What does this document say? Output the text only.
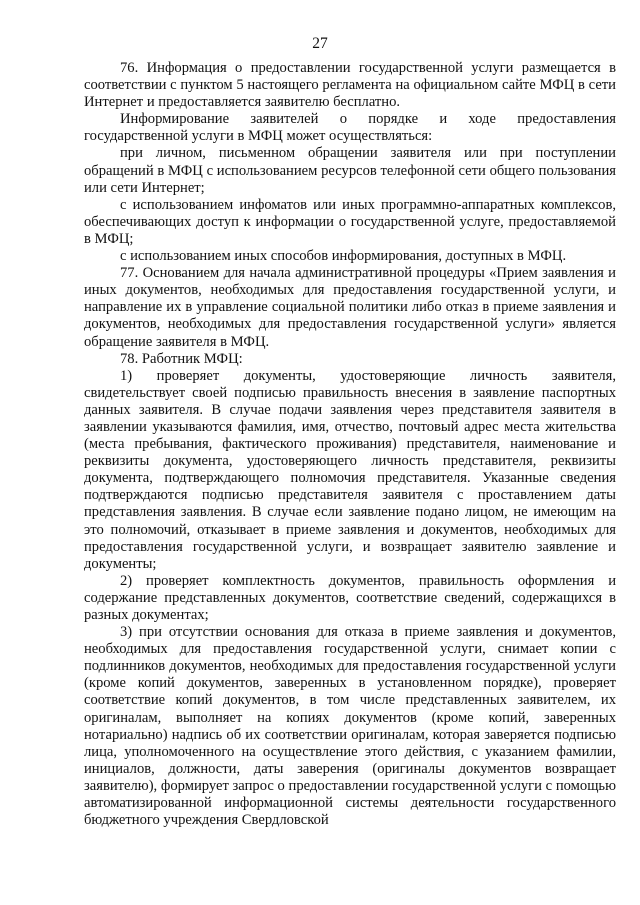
27

76. Информация о предоставлении государственной услуги размещается в соответствии с пунктом 5 настоящего регламента на официальном сайте МФЦ в сети Интернет и предоставляется заявителю бесплатно.

Информирование заявителей о порядке и ходе предоставления государственной услуги в МФЦ может осуществляться:

при личном, письменном обращении заявителя или при поступлении обращений в МФЦ с использованием ресурсов телефонной сети общего пользования или сети Интернет;

с использованием инфоматов или иных программно-аппаратных комплексов, обеспечивающих доступ к информации о государственной услуге, предоставляемой в МФЦ;

с использованием иных способов информирования, доступных в МФЦ.

77. Основанием для начала административной процедуры «Прием заявления и иных документов, необходимых для предоставления государственной услуги, и направление их в управление социальной политики либо отказ в приеме заявления и документов, необходимых для предоставления государственной услуги» является обращение заявителя в МФЦ.

78. Работник МФЦ:

1) проверяет документы, удостоверяющие личность заявителя, свидетельствует своей подписью правильность внесения в заявление паспортных данных заявителя. В случае подачи заявления через представителя заявителя в заявлении указываются фамилия, имя, отчество, почтовый адрес места жительства (места пребывания, фактического проживания) представителя, наименование и реквизиты документа, удостоверяющего личность представителя, реквизиты документа, подтверждающего полномочия представителя. Указанные сведения подтверждаются подписью представителя заявителя с проставлением даты представления заявления. В случае если заявление подано лицом, не имеющим на это полномочий, отказывает в приеме заявления и документов, необходимых для предоставления государственной услуги, и возвращает заявителю заявление и документы;

2) проверяет комплектность документов, правильность оформления и содержание представленных документов, соответствие сведений, содержащихся в разных документах;

3) при отсутствии основания для отказа в приеме заявления и документов, необходимых для предоставления государственной услуги, снимает копии с подлинников документов, необходимых для предоставления государственной услуги (кроме копий документов, заверенных в установленном порядке), проверяет соответствие копий документов, в том числе представленных заявителем, их оригиналам, выполняет на копиях документов (кроме копий, заверенных нотариально) надпись об их соответствии оригиналам, которая заверяется подписью лица, уполномоченного на осуществление этого действия, с указанием фамилии, инициалов, должности, даты заверения (оригиналы документов возвращает заявителю), формирует запрос о предоставлении государственной услуги с помощью автоматизированной информационной системы деятельности государственного бюджетного учреждения Свердловской
